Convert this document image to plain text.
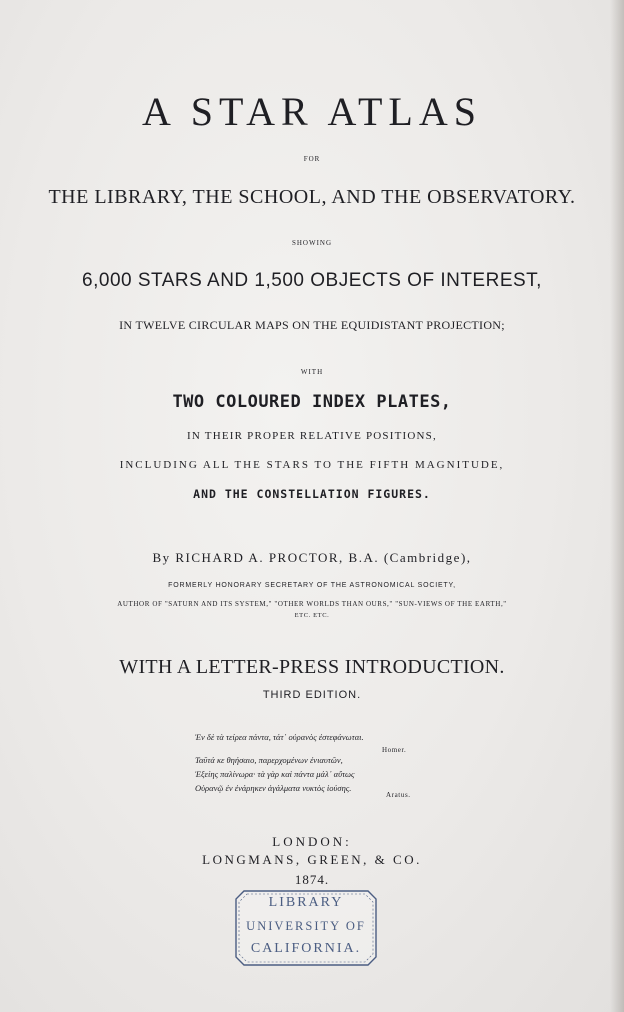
A STAR ATLAS
FOR
THE LIBRARY, THE SCHOOL, AND THE OBSERVATORY.
SHOWING
6,000 STARS AND 1,500 OBJECTS OF INTEREST,
IN TWELVE CIRCULAR MAPS ON THE EQUIDISTANT PROJECTION;
WITH
TWO COLOURED INDEX PLATES,
IN THEIR PROPER RELATIVE POSITIONS,
INCLUDING ALL THE STARS TO THE FIFTH MAGNITUDE,
AND THE CONSTELLATION FIGURES.
By RICHARD A. PROCTOR, B.A. (Cambridge),
FORMERLY HONORARY SECRETARY OF THE ASTRONOMICAL SOCIETY,
AUTHOR OF "SATURN AND ITS SYSTEM," "OTHER WORLDS THAN OURS," "SUN-VIEWS OF THE EARTH,"
ETC. ETC.
WITH A LETTER-PRESS INTRODUCTION.
THIRD EDITION.
Ἐν δὲ τὰ τείρεα πάντα, τάτ᾽ οὐρανὸς ἐστεφάνωται.
Homer.
Ταῦτά κε θηήσαιο, παρερχομένων ἐνιαυτῶν,
Ἑξείης παλίνωρα· τὰ γὰρ καὶ πάντα μάλ᾽ αὔτως
Οὐρανῷ ἐν ἐνάρηκεν ἀγάλματα νυκτὸς ἰούσης.
Aratus.
LONDON:
LONGMANS, GREEN, & CO.
1874.
LIBRARY
UNIVERSITY OF
CALIFORNIA.
